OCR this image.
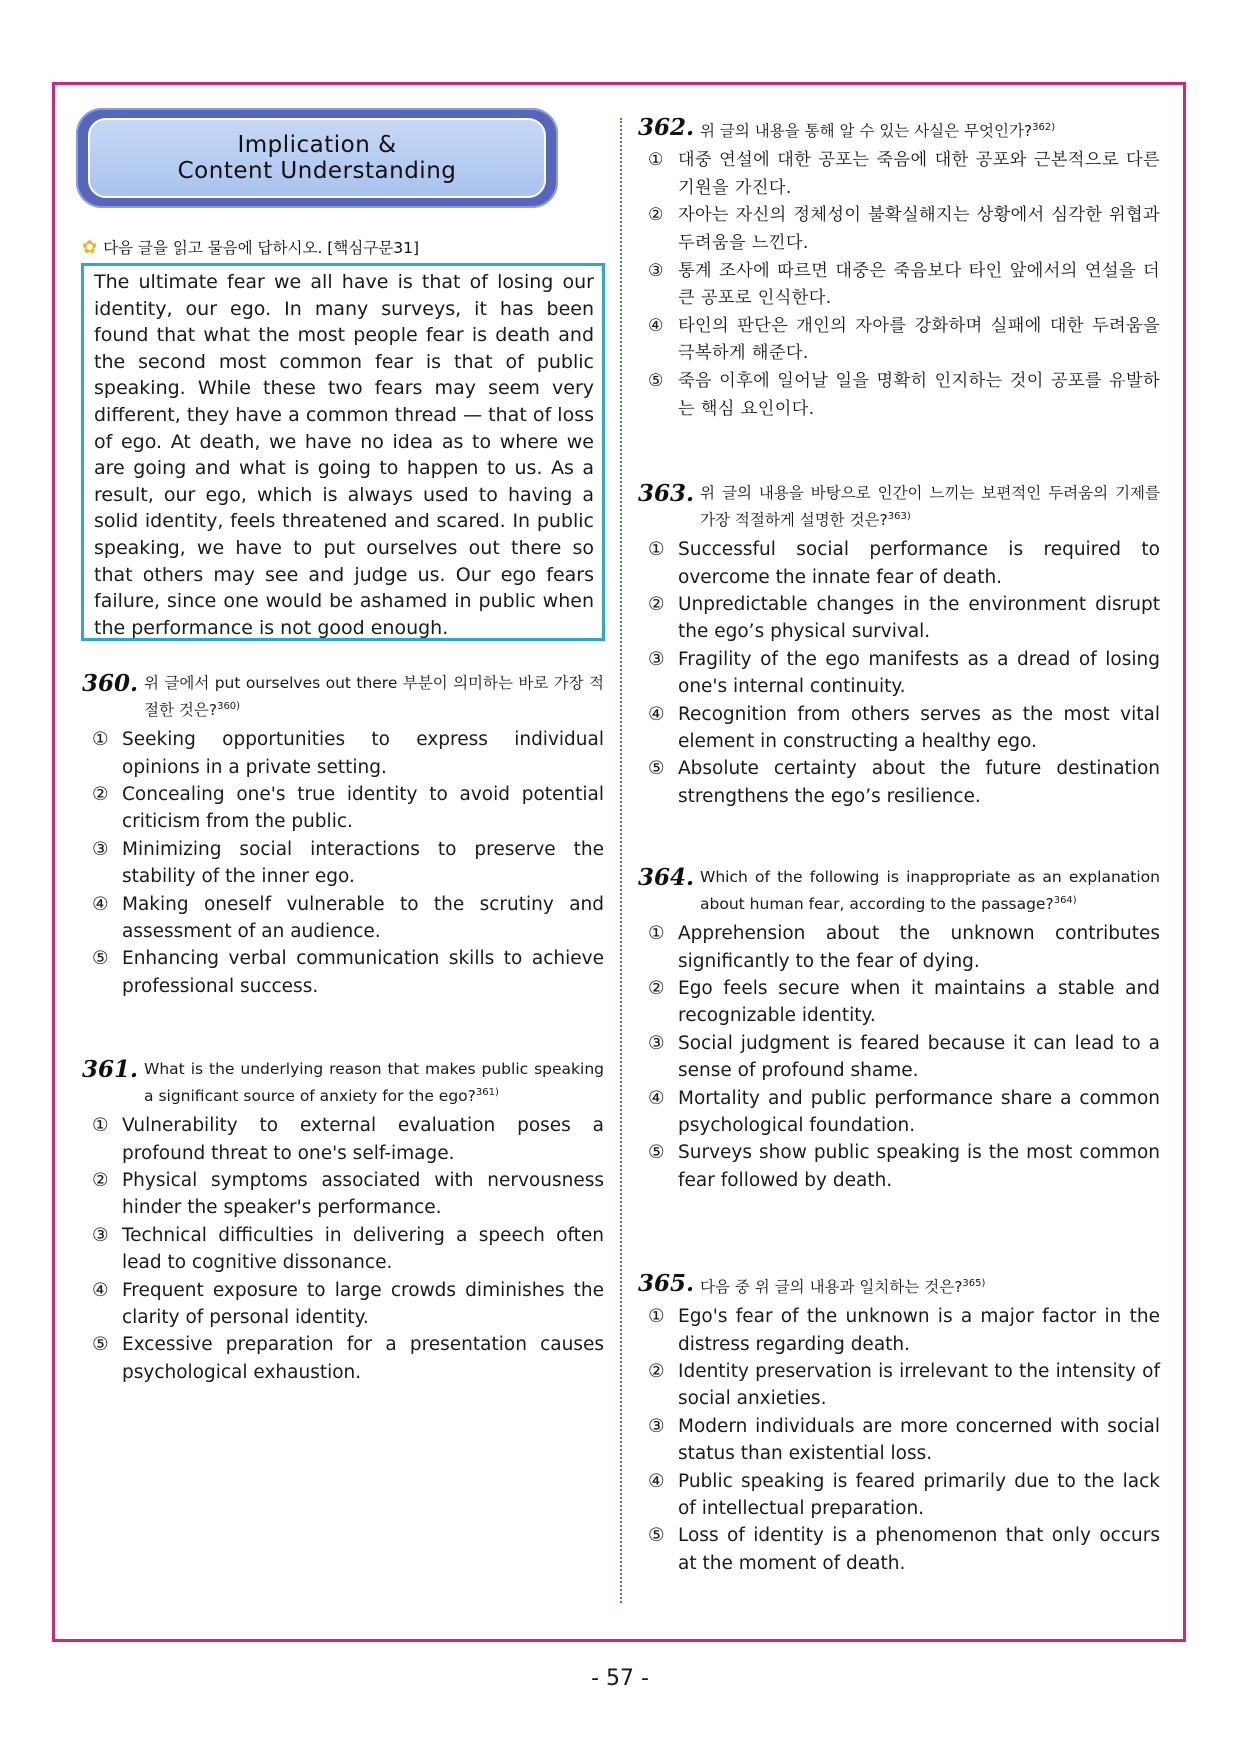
Implication &
Content Understanding
✿ 다음 글을 읽고 물음에 답하시오. [핵심구문31]
The ultimate fear we all have is that of losing our identity, our ego. In many surveys, it has been found that what the most people fear is death and the second most common fear is that of public speaking. While these two fears may seem very different, they have a common thread — that of loss of ego. At death, we have no idea as to where we are going and what is going to happen to us. As a result, our ego, which is always used to having a solid identity, feels threatened and scared. In public speaking, we have to put ourselves out there so that others may see and judge us. Our ego fears failure, since one would be ashamed in public when the performance is not good enough.
360. 위 글에서 put ourselves out there 부분이 의미하는 바로 가장 적절한 것은?$^{360)}$
① Seeking opportunities to express individual opinions in a private setting.
② Concealing one's true identity to avoid potential criticism from the public.
③ Minimizing social interactions to preserve the stability of the inner ego.
④ Making oneself vulnerable to the scrutiny and assessment of an audience.
⑤ Enhancing verbal communication skills to achieve professional success.
361. What is the underlying reason that makes public speaking a significant source of anxiety for the ego?$^{361)}$
① Vulnerability to external evaluation poses a profound threat to one's self-image.
② Physical symptoms associated with nervousness hinder the speaker's performance.
③ Technical difficulties in delivering a speech often lead to cognitive dissonance.
④ Frequent exposure to large crowds diminishes the clarity of personal identity.
⑤ Excessive preparation for a presentation causes psychological exhaustion.
362. 위 글의 내용을 통해 알 수 있는 사실은 무엇인가?$^{362)}$
① 대중 연설에 대한 공포는 죽음에 대한 공포와 근본적으로 다른 기원을 가진다.
② 자아는 자신의 정체성이 불확실해지는 상황에서 심각한 위협과 두려움을 느낀다.
③ 통계 조사에 따르면 대중은 죽음보다 타인 앞에서의 연설을 더 큰 공포로 인식한다.
④ 타인의 판단은 개인의 자아를 강화하며 실패에 대한 두려움을 극복하게 해준다.
⑤ 죽음 이후에 일어날 일을 명확히 인지하는 것이 공포를 유발하는 핵심 요인이다.
363. 위 글의 내용을 바탕으로 인간이 느끼는 보편적인 두려움의 기제를 가장 적절하게 설명한 것은?$^{363)}$
① Successful social performance is required to overcome the innate fear of death.
② Unpredictable changes in the environment disrupt the ego’s physical survival.
③ Fragility of the ego manifests as a dread of losing one's internal continuity.
④ Recognition from others serves as the most vital element in constructing a healthy ego.
⑤ Absolute certainty about the future destination strengthens the ego’s resilience.
364. Which of the following is inappropriate as an explanation about human fear, according to the passage?$^{364)}$
① Apprehension about the unknown contributes significantly to the fear of dying.
② Ego feels secure when it maintains a stable and recognizable identity.
③ Social judgment is feared because it can lead to a sense of profound shame.
④ Mortality and public performance share a common psychological foundation.
⑤ Surveys show public speaking is the most common fear followed by death.
365. 다음 중 위 글의 내용과 일치하는 것은?$^{365)}$
① Ego's fear of the unknown is a major factor in the distress regarding death.
② Identity preservation is irrelevant to the intensity of social anxieties.
③ Modern individuals are more concerned with social status than existential loss.
④ Public speaking is feared primarily due to the lack of intellectual preparation.
⑤ Loss of identity is a phenomenon that only occurs at the moment of death.
- 57 -
